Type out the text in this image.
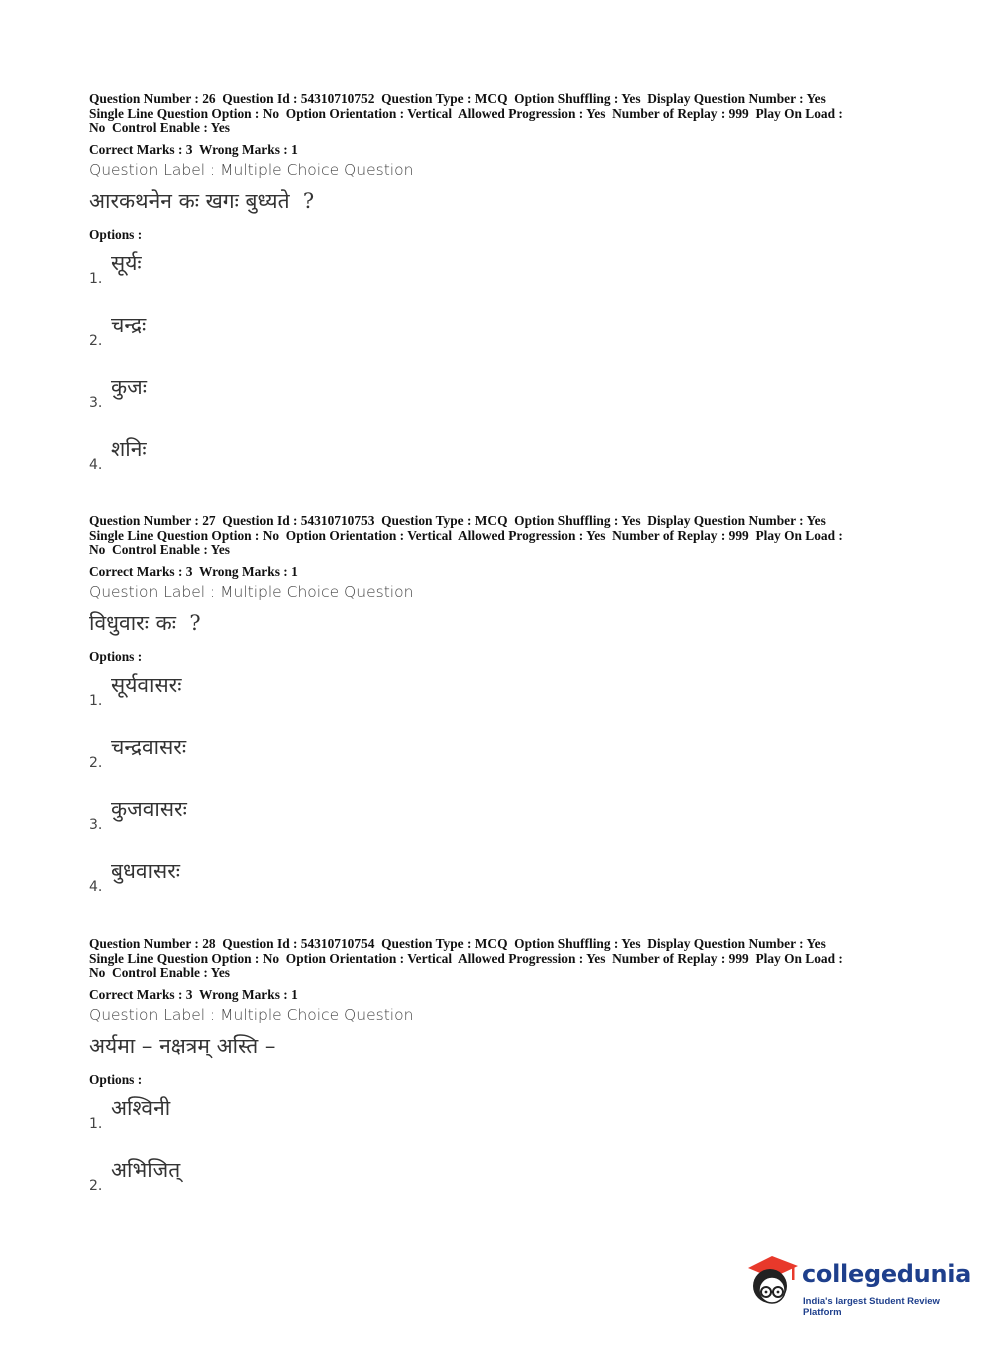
Question Number : 26  Question Id : 54310710752  Question Type : MCQ  Option Shuffling : Yes  Display Question Number : Yes
Single Line Question Option : No  Option Orientation : Vertical  Allowed Progression : Yes  Number of Replay : 999  Play On Load :
No  Control Enable : Yes
Correct Marks : 3  Wrong Marks : 1
Question Label : Multiple Choice Question
आरकथनेन कः खगः बुध्यते  ?
Options :
1.
सूर्यः
2.
चन्द्रः
3.
कुजः
4.
शनिः
Question Number : 27  Question Id : 54310710753  Question Type : MCQ  Option Shuffling : Yes  Display Question Number : Yes
Single Line Question Option : No  Option Orientation : Vertical  Allowed Progression : Yes  Number of Replay : 999  Play On Load :
No  Control Enable : Yes
Correct Marks : 3  Wrong Marks : 1
Question Label : Multiple Choice Question
विधुवारः कः  ?
Options :
1.
सूर्यवासरः
2.
चन्द्रवासरः
3.
कुजवासरः
4.
बुधवासरः
Question Number : 28  Question Id : 54310710754  Question Type : MCQ  Option Shuffling : Yes  Display Question Number : Yes
Single Line Question Option : No  Option Orientation : Vertical  Allowed Progression : Yes  Number of Replay : 999  Play On Load :
No  Control Enable : Yes
Correct Marks : 3  Wrong Marks : 1
Question Label : Multiple Choice Question
अर्यमा – नक्षत्रम् अस्ति –
Options :
1.
अश्विनी
2.
अभिजित्
collegedunia
India's largest Student Review Platform
